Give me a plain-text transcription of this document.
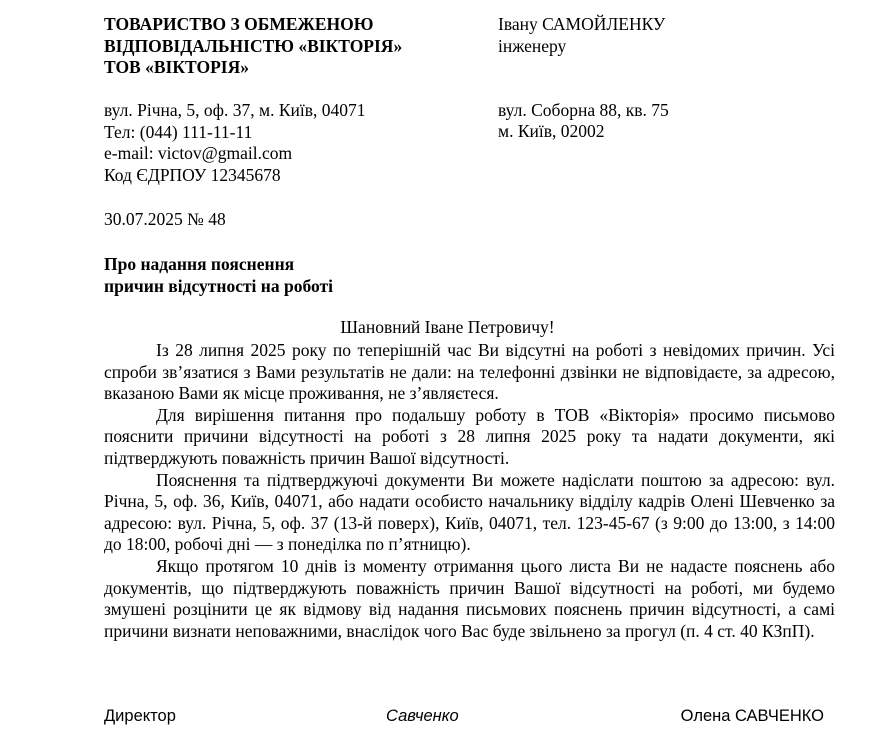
ТОВАРИСТВО З ОБМЕЖЕНОЮ
ВІДПОВІДАЛЬНІСТЮ «ВІКТОРІЯ»
ТОВ «ВІКТОРІЯ»
вул. Річна, 5, оф. 37, м. Київ, 04071
Тел: (044) 111-11-11
e-mail: victov@gmail.com
Код ЄДРПОУ 12345678
Івану САМОЙЛЕНКУ
інженеру
вул. Соборна 88, кв. 75
м. Київ, 02002
30.07.2025 № 48
Про надання пояснення
причин відсутності на роботі
Шановний Іване Петровичу!

Із 28 липня 2025 року по теперішній час Ви відсутні на роботі з невідомих причин. Усі спроби зв’язатися з Вами результатів не дали: на телефонні дзвінки не відповідаєте, за адресою, вказаною Вами як місце проживання, не з’являєтеся.

Для вирішення питання про подальшу роботу в ТОВ «Вікторія» просимо письмово пояснити причини відсутності на роботі з 28 липня 2025 року та надати документи, які підтверджують поважність причин Вашої відсутності.

Пояснення та підтверджуючі документи Ви можете надіслати поштою за адресою: вул. Річна, 5, оф. 36, Київ, 04071, або надати особисто начальнику відділу кадрів Олені Шевченко за адресою: вул. Річна, 5, оф. 37 (13-й поверх), Київ, 04071, тел. 123-45-67 (з 9:00 до 13:00, з 14:00 до 18:00, робочі дні — з понеділка по п’ятницю).

Якщо протягом 10 днів із моменту отримання цього листа Ви не надасте пояснень або документів, що підтверджують поважність причин Вашої відсутності на роботі, ми будемо змушені розцінити це як відмову від надання письмових пояснень причин відсутності, а самі причини визнати неповажними, внаслідок чого Вас буде звільнено за прогул (п. 4 ст. 40 КЗпП).

Директор	Савченко	Олена САВЧЕНКО
